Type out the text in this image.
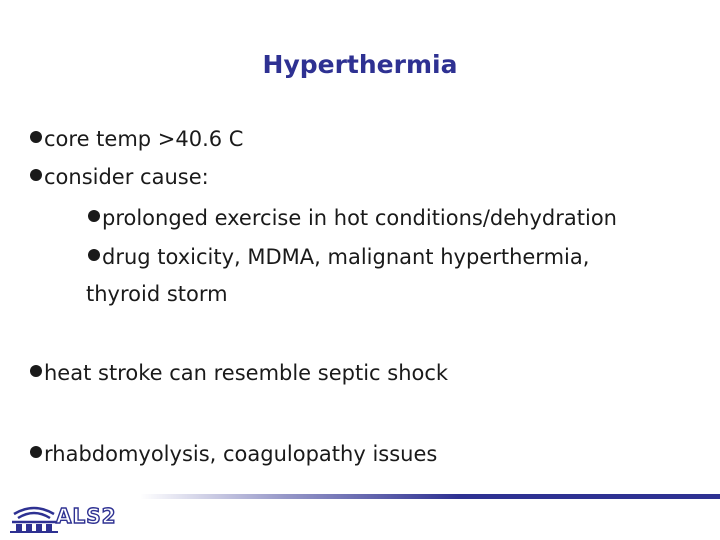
Hyperthermia
core temp >40.6 C
consider cause:
prolonged exercise in hot conditions/dehydration
drug toxicity, MDMA, malignant hyperthermia,
thyroid storm
heat stroke can resemble septic shock
rhabdomyolysis, coagulopathy issues
ALS2
